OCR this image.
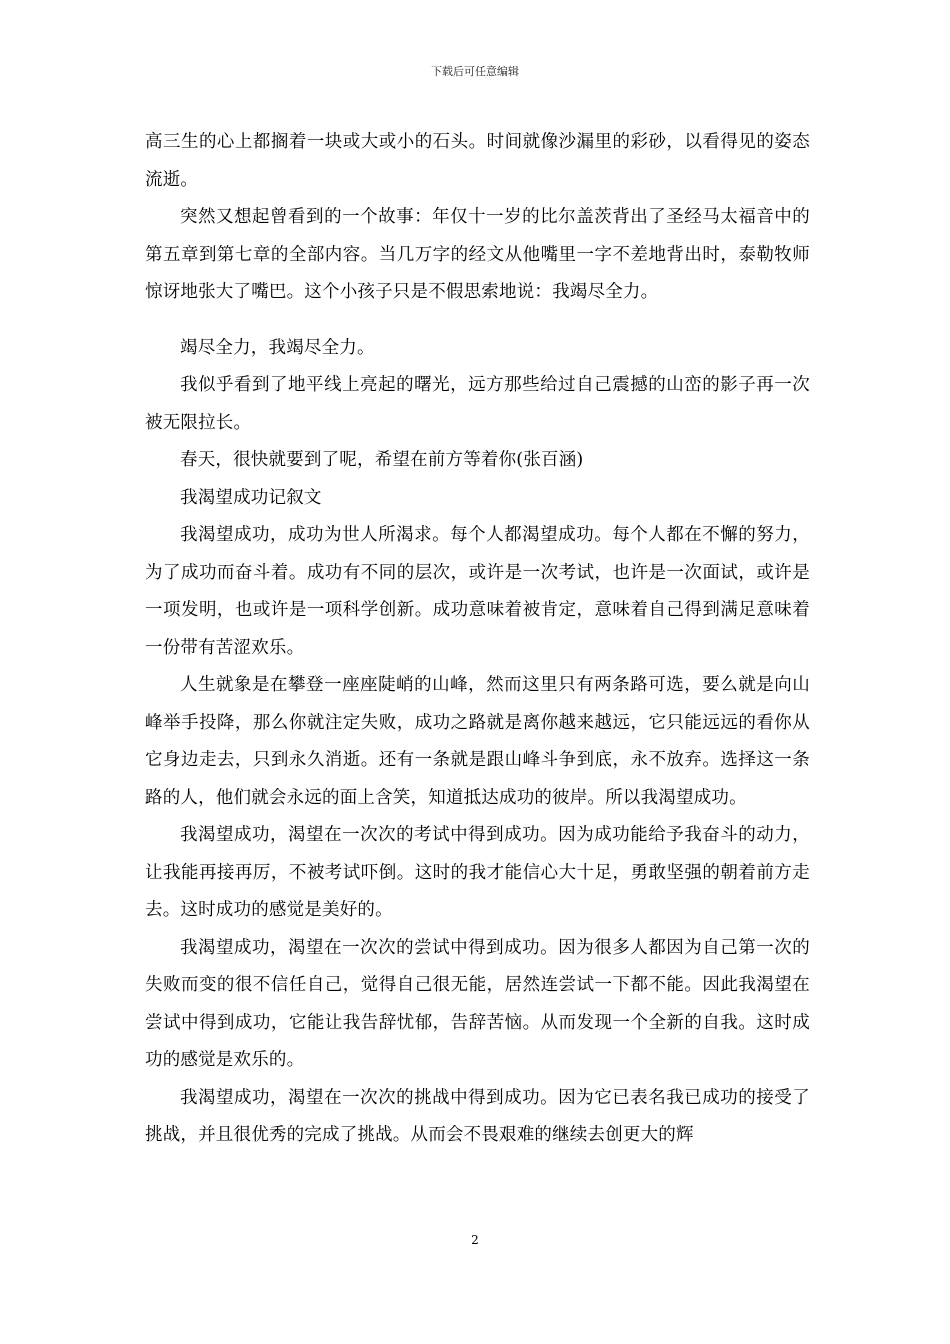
下载后可任意编辑

高三生的心上都搁着一块或大或小的石头。时间就像沙漏里的彩砂，以看得见的姿态流逝。

突然又想起曾看到的一个故事：年仅十一岁的比尔盖茨背出了圣经马太福音中的第五章到第七章的全部内容。当几万字的经文从他嘴里一字不差地背出时，泰勒牧师惊讶地张大了嘴巴。这个小孩子只是不假思索地说：我竭尽全力。

竭尽全力，我竭尽全力。

我似乎看到了地平线上亮起的曙光，远方那些给过自己震撼的山峦的影子再一次被无限拉长。

春天，很快就要到了呢，希望在前方等着你(张百涵)

我渴望成功记叙文

我渴望成功，成功为世人所渴求。每个人都渴望成功。每个人都在不懈的努力，为了成功而奋斗着。成功有不同的层次，或许是一次考试，也许是一次面试，或许是一项发明，也或许是一项科学创新。成功意味着被肯定，意味着自己得到满足意味着一份带有苦涩欢乐。

人生就象是在攀登一座座陡峭的山峰，然而这里只有两条路可选，要么就是向山峰举手投降，那么你就注定失败，成功之路就是离你越来越远，它只能远远的看你从它身边走去，只到永久消逝。还有一条就是跟山峰斗争到底，永不放弃。选择这一条路的人，他们就会永远的面上含笑，知道抵达成功的彼岸。所以我渴望成功。

我渴望成功，渴望在一次次的考试中得到成功。因为成功能给予我奋斗的动力，让我能再接再厉，不被考试吓倒。这时的我才能信心大十足，勇敢坚强的朝着前方走去。这时成功的感觉是美好的。

我渴望成功，渴望在一次次的尝试中得到成功。因为很多人都因为自己第一次的失败而变的很不信任自己，觉得自己很无能，居然连尝试一下都不能。因此我渴望在尝试中得到成功，它能让我告辞忧郁，告辞苦恼。从而发现一个全新的自我。这时成功的感觉是欢乐的。

我渴望成功，渴望在一次次的挑战中得到成功。因为它已表名我已成功的接受了挑战，并且很优秀的完成了挑战。从而会不畏艰难的继续去创更大的辉

2
